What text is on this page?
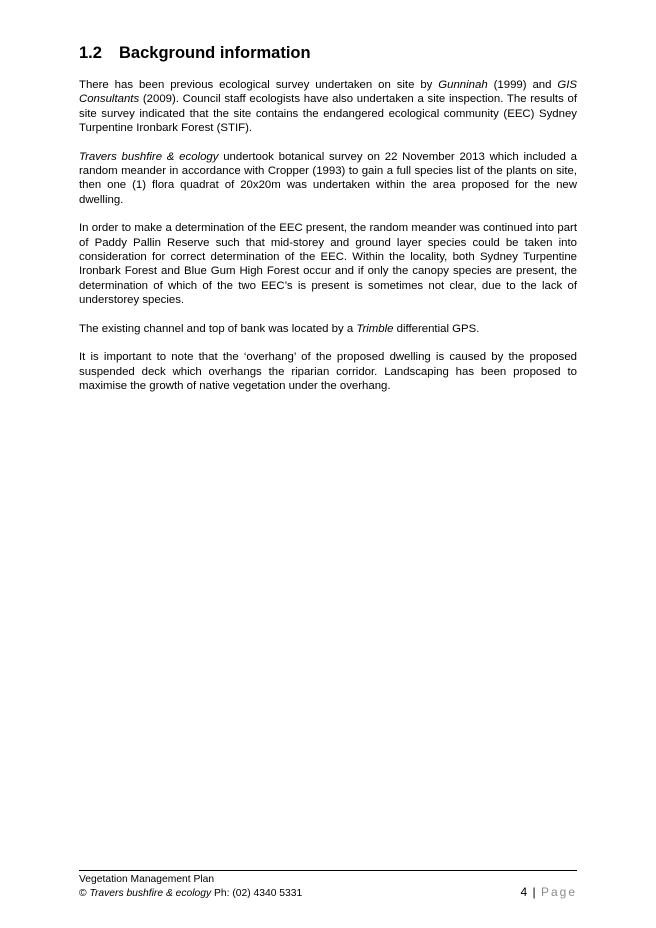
1.2 Background information

There has been previous ecological survey undertaken on site by Gunninah (1999) and GIS Consultants (2009). Council staff ecologists have also undertaken a site inspection. The results of site survey indicated that the site contains the endangered ecological community (EEC) Sydney Turpentine Ironbark Forest (STIF).

Travers bushfire & ecology undertook botanical survey on 22 November 2013 which included a random meander in accordance with Cropper (1993) to gain a full species list of the plants on site, then one (1) flora quadrat of 20x20m was undertaken within the area proposed for the new dwelling.

In order to make a determination of the EEC present, the random meander was continued into part of Paddy Pallin Reserve such that mid-storey and ground layer species could be taken into consideration for correct determination of the EEC. Within the locality, both Sydney Turpentine Ironbark Forest and Blue Gum High Forest occur and if only the canopy species are present, the determination of which of the two EEC’s is present is sometimes not clear, due to the lack of understorey species.

The existing channel and top of bank was located by a Trimble differential GPS.

It is important to note that the ‘overhang’ of the proposed dwelling is caused by the proposed suspended deck which overhangs the riparian corridor. Landscaping has been proposed to maximise the growth of native vegetation under the overhang.

Vegetation Management Plan
© Travers bushfire & ecology Ph: (02) 4340 5331	4 | Page
